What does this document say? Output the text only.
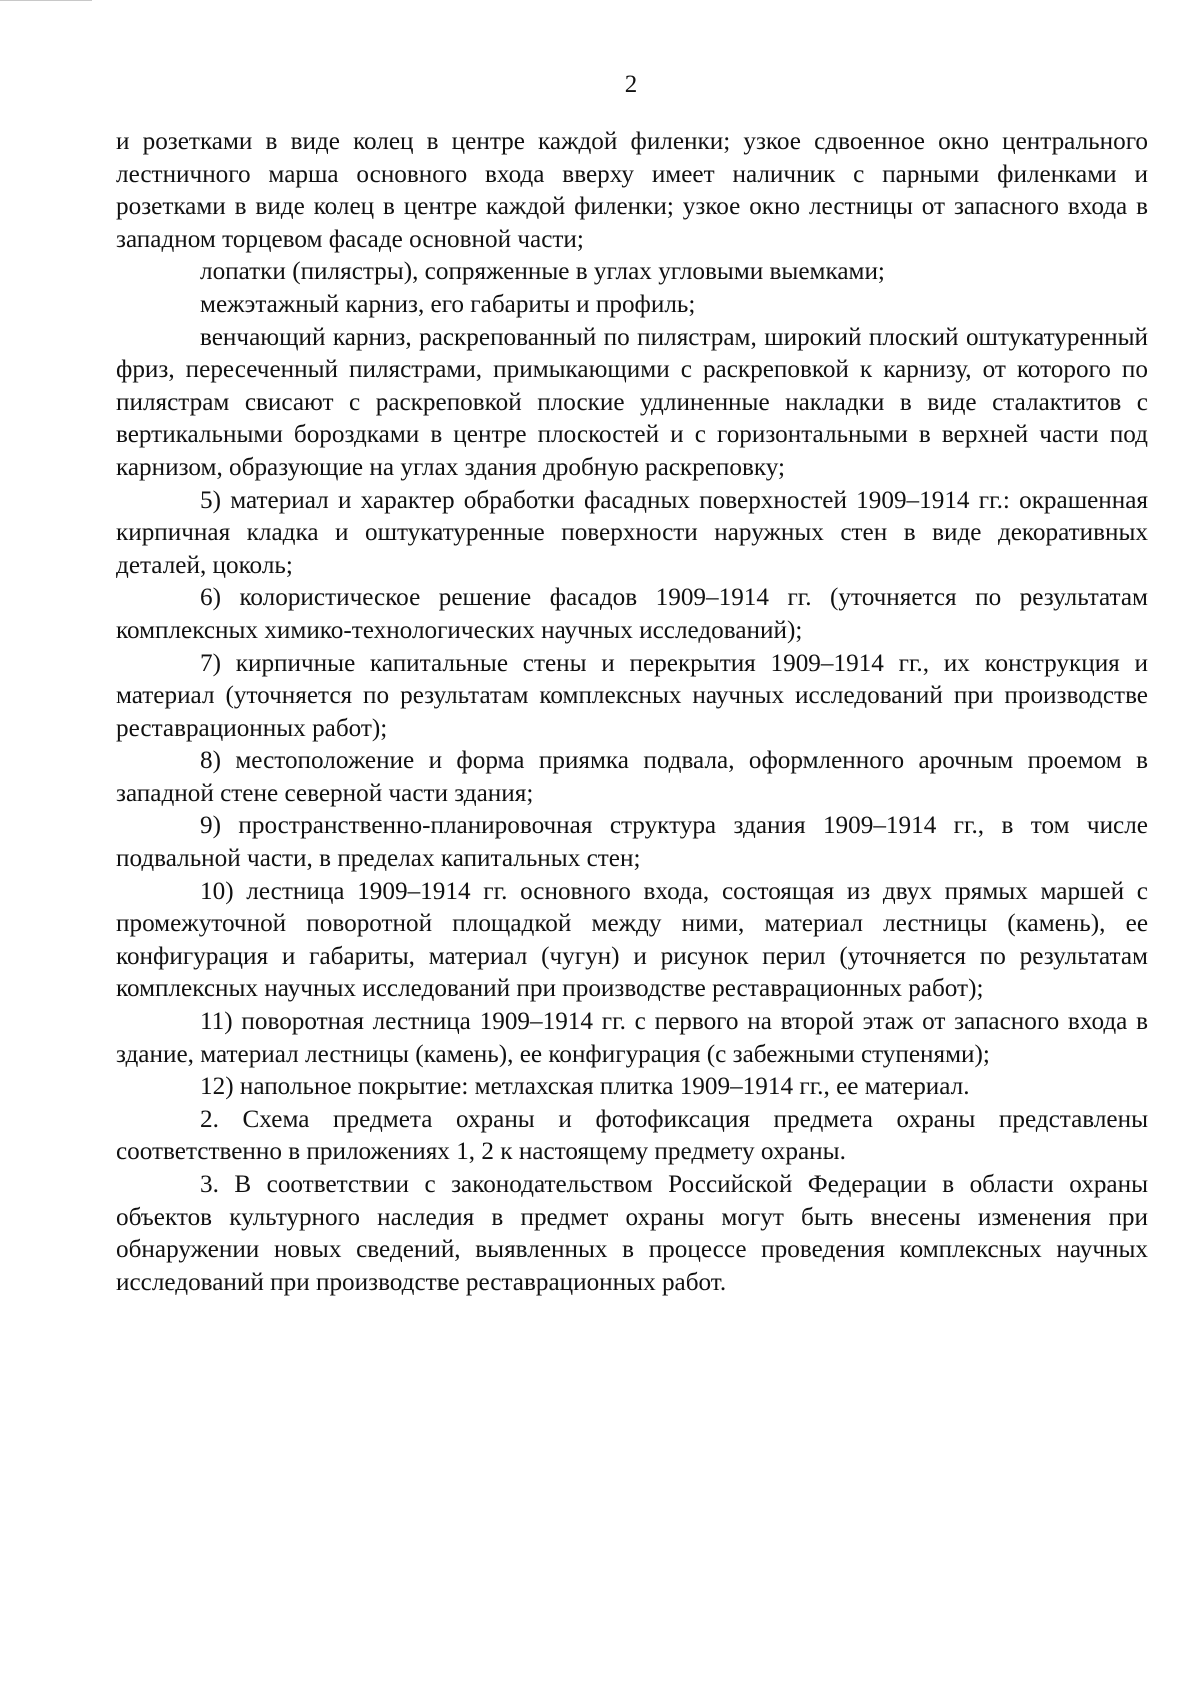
2

и розетками в виде колец в центре каждой филенки; узкое сдвоенное окно центрального лестничного марша основного входа вверху имеет наличник с парными филенками и розетками в виде колец в центре каждой филенки; узкое окно лестницы от запасного входа в западном торцевом фасаде основной части;

лопатки (пилястры), сопряженные в углах угловыми выемками;

межэтажный карниз, его габариты и профиль;

венчающий карниз, раскрепованный по пилястрам, широкий плоский оштукатуренный фриз, пересеченный пилястрами, примыкающими с раскреповкой к карнизу, от которого по пилястрам свисают с раскреповкой плоские удлиненные накладки в виде сталактитов с вертикальными бороздками в центре плоскостей и с горизонтальными в верхней части под карнизом, образующие на углах здания дробную раскреповку;

5) материал и характер обработки фасадных поверхностей 1909–1914 гг.: окрашенная кирпичная кладка и оштукатуренные поверхности наружных стен в виде декоративных деталей, цоколь;

6) колористическое решение фасадов 1909–1914 гг. (уточняется по результатам комплексных химико-технологических научных исследований);

7) кирпичные капитальные стены и перекрытия 1909–1914 гг., их конструкция и материал (уточняется по результатам комплексных научных исследований при производстве реставрационных работ);

8) местоположение и форма приямка подвала, оформленного арочным проемом в западной стене северной части здания;

9) пространственно-планировочная структура здания 1909–1914 гг., в том числе подвальной части, в пределах капитальных стен;

10) лестница 1909–1914 гг. основного входа, состоящая из двух прямых маршей с промежуточной поворотной площадкой между ними, материал лестницы (камень), ее конфигурация и габариты, материал (чугун) и рисунок перил (уточняется по результатам комплексных научных исследований при производстве реставрационных работ);

11) поворотная лестница 1909–1914 гг. с первого на второй этаж от запасного входа в здание, материал лестницы (камень), ее конфигурация (с забежными ступенями);

12) напольное покрытие: метлахская плитка 1909–1914 гг., ее материал.

2. Схема предмета охраны и фотофиксация предмета охраны представлены соответственно в приложениях 1, 2 к настоящему предмету охраны.

3. В соответствии с законодательством Российской Федерации в области охраны объектов культурного наследия в предмет охраны могут быть внесены изменения при обнаружении новых сведений, выявленных в процессе проведения комплексных научных исследований при производстве реставрационных работ.
